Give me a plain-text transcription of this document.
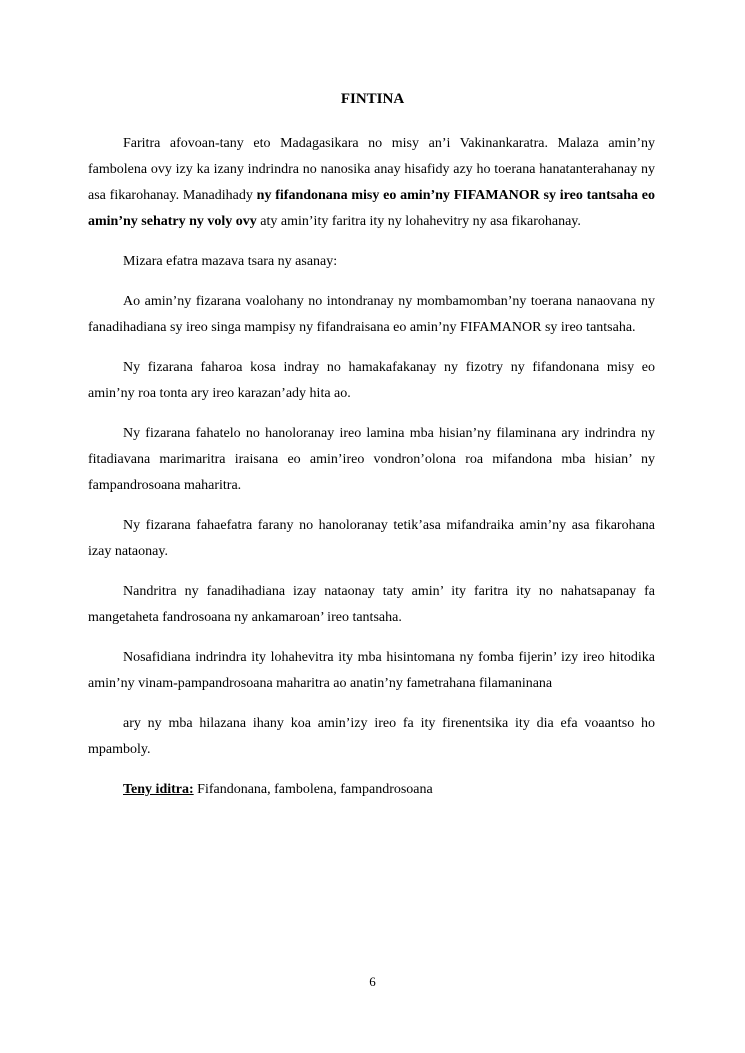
FINTINA

Faritra afovoan-tany eto Madagasikara no misy an’i Vakinankaratra. Malaza amin’ny fambolena ovy izy ka izany indrindra no nanosika anay hisafidy azy ho toerana hanatanterahanay ny asa fikarohanay. Manadihady ny fifandonana misy eo amin’ny FIFAMANOR sy ireo tantsaha eo amin’ny sehatry ny voly ovy aty amin’ity faritra ity ny lohahevitry ny asa fikarohanay.

Mizara efatra mazava tsara ny asanay:

Ao amin’ny fizarana voalohany no intondranay ny mombamomban’ny toerana nanaovana ny fanadihadiana sy ireo singa mampisy ny fifandraisana eo amin’ny FIFAMANOR sy ireo tantsaha.

Ny fizarana faharoa kosa indray no hamakafakanay ny fizotry ny fifandonana misy eo amin’ny roa tonta ary ireo karazan’ady hita ao.

Ny fizarana fahatelo no hanoloranay ireo lamina mba hisian’ny filaminana ary indrindra ny fitadiavana marimaritra iraisana eo amin’ireo vondron’olona roa mifandona mba hisian’ ny fampandrosoana maharitra.

Ny fizarana fahaefatra farany no hanoloranay tetik’asa mifandraika amin’ny asa fikarohana izay nataonay.

Nandritra ny fanadihadiana izay nataonay taty amin’ ity faritra ity no nahatsapanay fa mangetaheta fandrosoana ny ankamaroan’ ireo tantsaha.

Nosafidiana indrindra ity lohahevitra ity mba hisintomana ny fomba fijerin’ izy ireo hitodika amin’ny vinam-pampandrosoana maharitra ao anatin’ny fametrahana filamaninana

ary ny mba hilazana ihany koa amin’izy ireo fa ity firenentsika ity dia efa voaantso ho mpamboly.

Teny iditra: Fifandonana, fambolena, fampandrosoana

6
